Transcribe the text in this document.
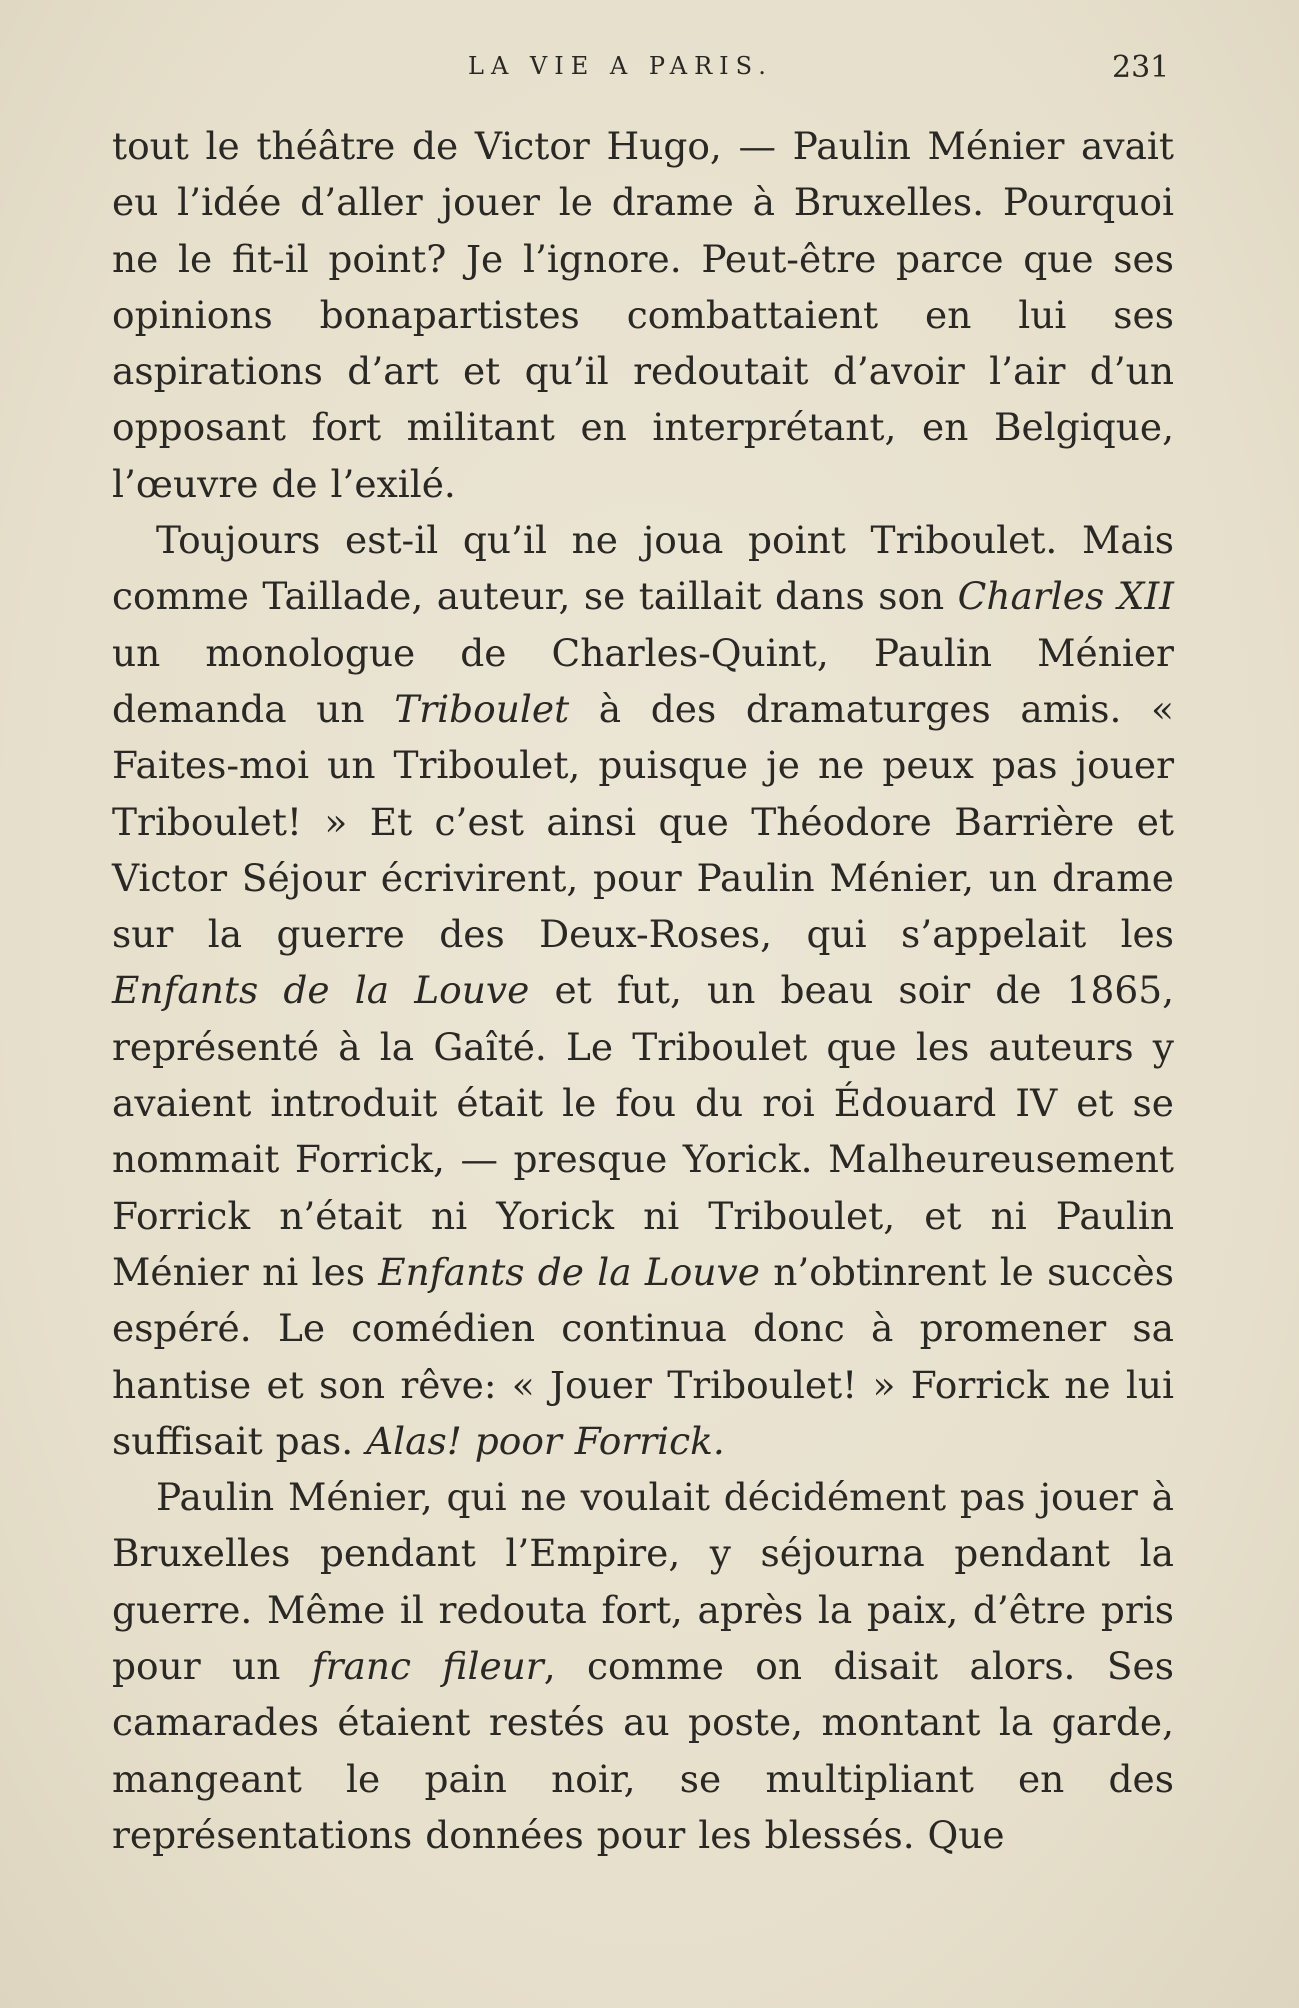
LA VIE A PARIS.	231

tout le théâtre de Victor Hugo, — Paulin Ménier avait eu l’idée d’aller jouer le drame à Bruxelles. Pourquoi ne le fit-il point? Je l’ignore. Peut-être parce que ses opinions bonapartistes combattaient en lui ses aspirations d’art et qu’il redoutait d’avoir l’air d’un opposant fort militant en interprétant, en Belgique, l’œuvre de l’exilé.

Toujours est-il qu’il ne joua point Triboulet. Mais comme Taillade, auteur, se taillait dans son Charles XII un monologue de Charles-Quint, Paulin Ménier demanda un Triboulet à des dramaturges amis. « Faites-moi un Triboulet, puisque je ne peux pas jouer Triboulet! » Et c’est ainsi que Théodore Barrière et Victor Séjour écrivirent, pour Paulin Ménier, un drame sur la guerre des Deux-Roses, qui s’appelait les Enfants de la Louve et fut, un beau soir de 1865, représenté à la Gaîté. Le Triboulet que les auteurs y avaient introduit était le fou du roi Édouard IV et se nommait Forrick, — presque Yorick. Malheureusement Forrick n’était ni Yorick ni Triboulet, et ni Paulin Ménier ni les Enfants de la Louve n’obtinrent le succès espéré. Le comédien continua donc à promener sa hantise et son rêve: « Jouer Triboulet! » Forrick ne lui suffisait pas. Alas! poor Forrick.

Paulin Ménier, qui ne voulait décidément pas jouer à Bruxelles pendant l’Empire, y séjourna pendant la guerre. Même il redouta fort, après la paix, d’être pris pour un franc fileur, comme on disait alors. Ses camarades étaient restés au poste, montant la garde, mangeant le pain noir, se multipliant en des représentations données pour les blessés. Que
